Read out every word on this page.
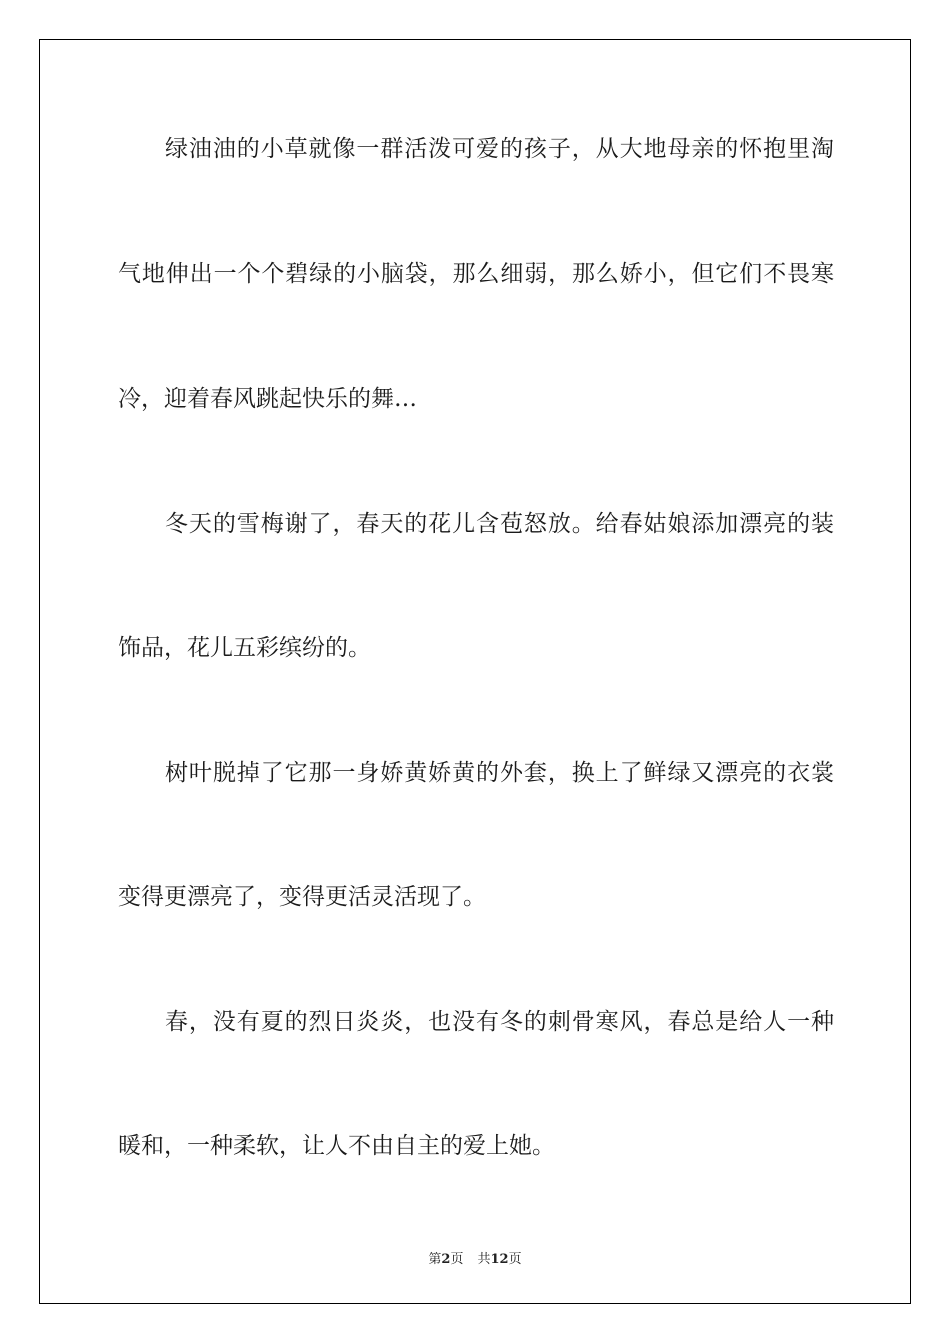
绿油油的小草就像一群活泼可爱的孩子，从大地母亲的怀抱里淘
气地伸出一个个碧绿的小脑袋，那么细弱，那么娇小，但它们不畏寒
冷，迎着春风跳起快乐的舞…
冬天的雪梅谢了，春天的花儿含苞怒放。给春姑娘添加漂亮的装
饰品，花儿五彩缤纷的。
树叶脱掉了它那一身娇黄娇黄的外套，换上了鲜绿又漂亮的衣裳
变得更漂亮了，变得更活灵活现了。
春，没有夏的烈日炎炎，也没有冬的刺骨寒风，春总是给人一种
暖和，一种柔软，让人不由自主的爱上她。
第2页 共12页
